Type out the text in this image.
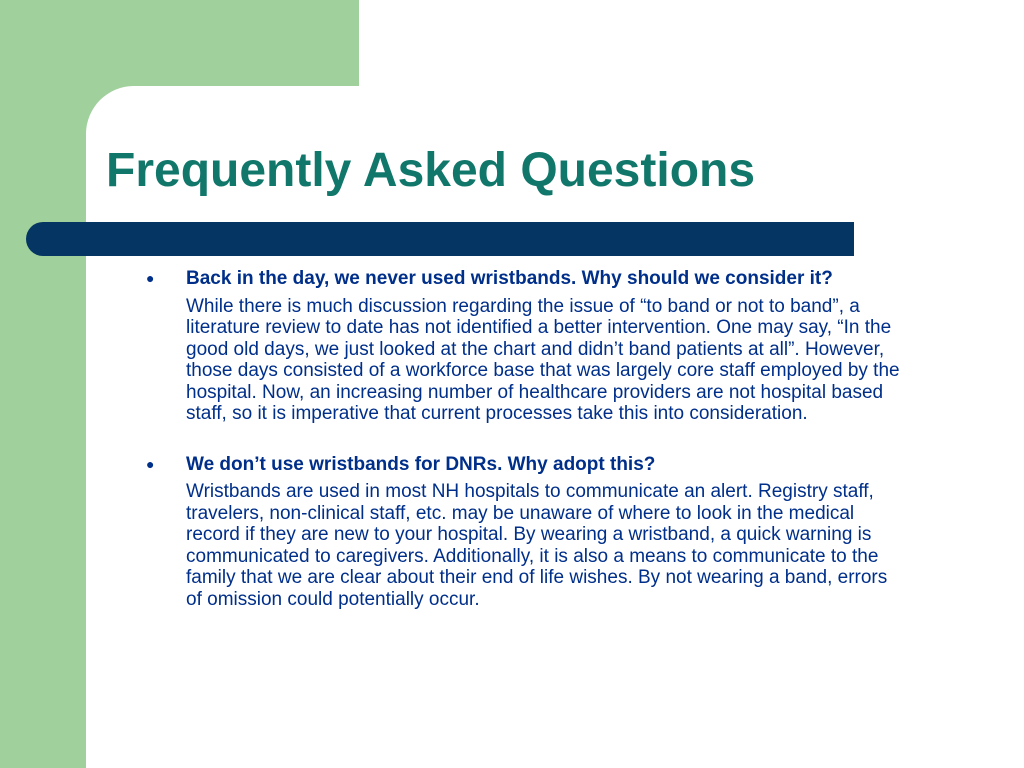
Frequently Asked Questions
● Back in the day, we never used wristbands. Why should we consider it?

While there is much discussion regarding the issue of “to band or not to band”, a literature review to date has not identified a better intervention. One may say, “In the good old days, we just looked at the chart and didn’t band patients at all”. However, those days consisted of a workforce base that was largely core staff employed by the hospital. Now, an increasing number of healthcare providers are not hospital based staff, so it is imperative that current processes take this into consideration.

● We don’t use wristbands for DNRs. Why adopt this?

Wristbands are used in most NH hospitals to communicate an alert. Registry staff, travelers, non-clinical staff, etc. may be unaware of where to look in the medical record if they are new to your hospital. By wearing a wristband, a quick warning is communicated to caregivers. Additionally, it is also a means to communicate to the family that we are clear about their end of life wishes. By not wearing a band, errors of omission could potentially occur.
